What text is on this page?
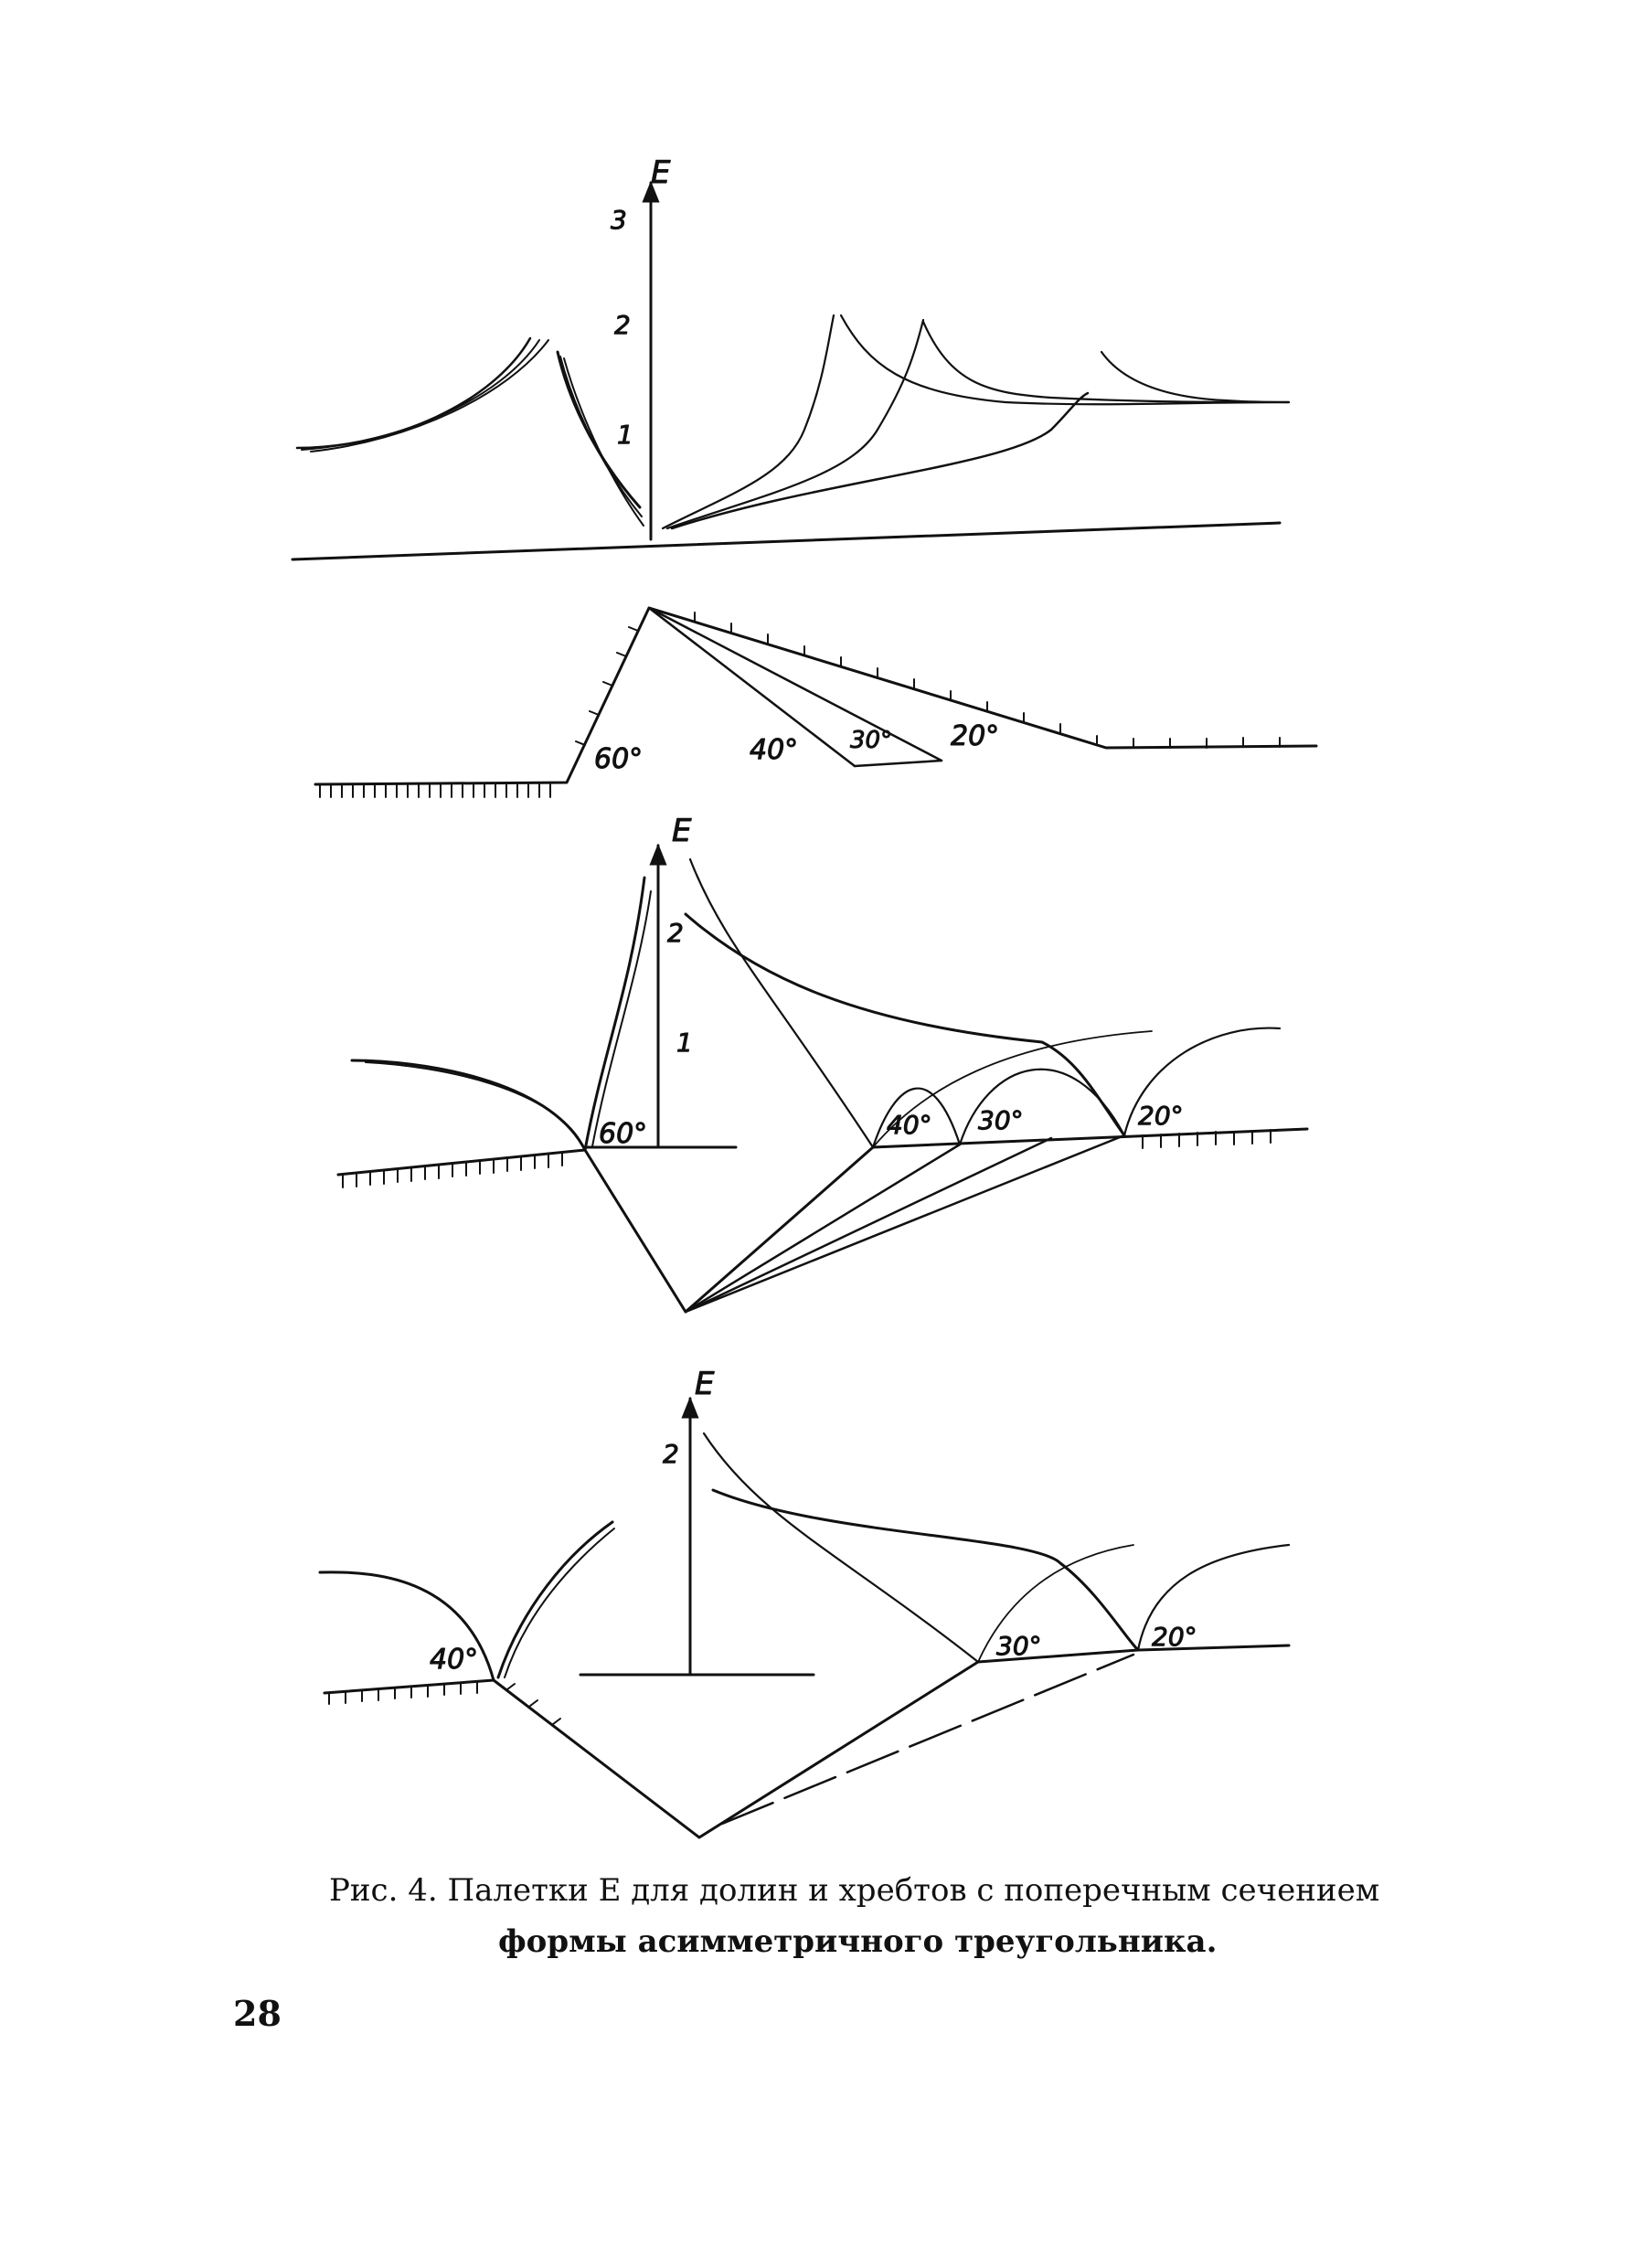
60°	40° 30° 20°
E
2
1
60°	40° 30°	20°
E
2
40°	30°	20°
E
3
2
1
Рис. 4. Палетки Е для долин и хребтов с поперечным сечением
формы асимметричного треугольника.
28
